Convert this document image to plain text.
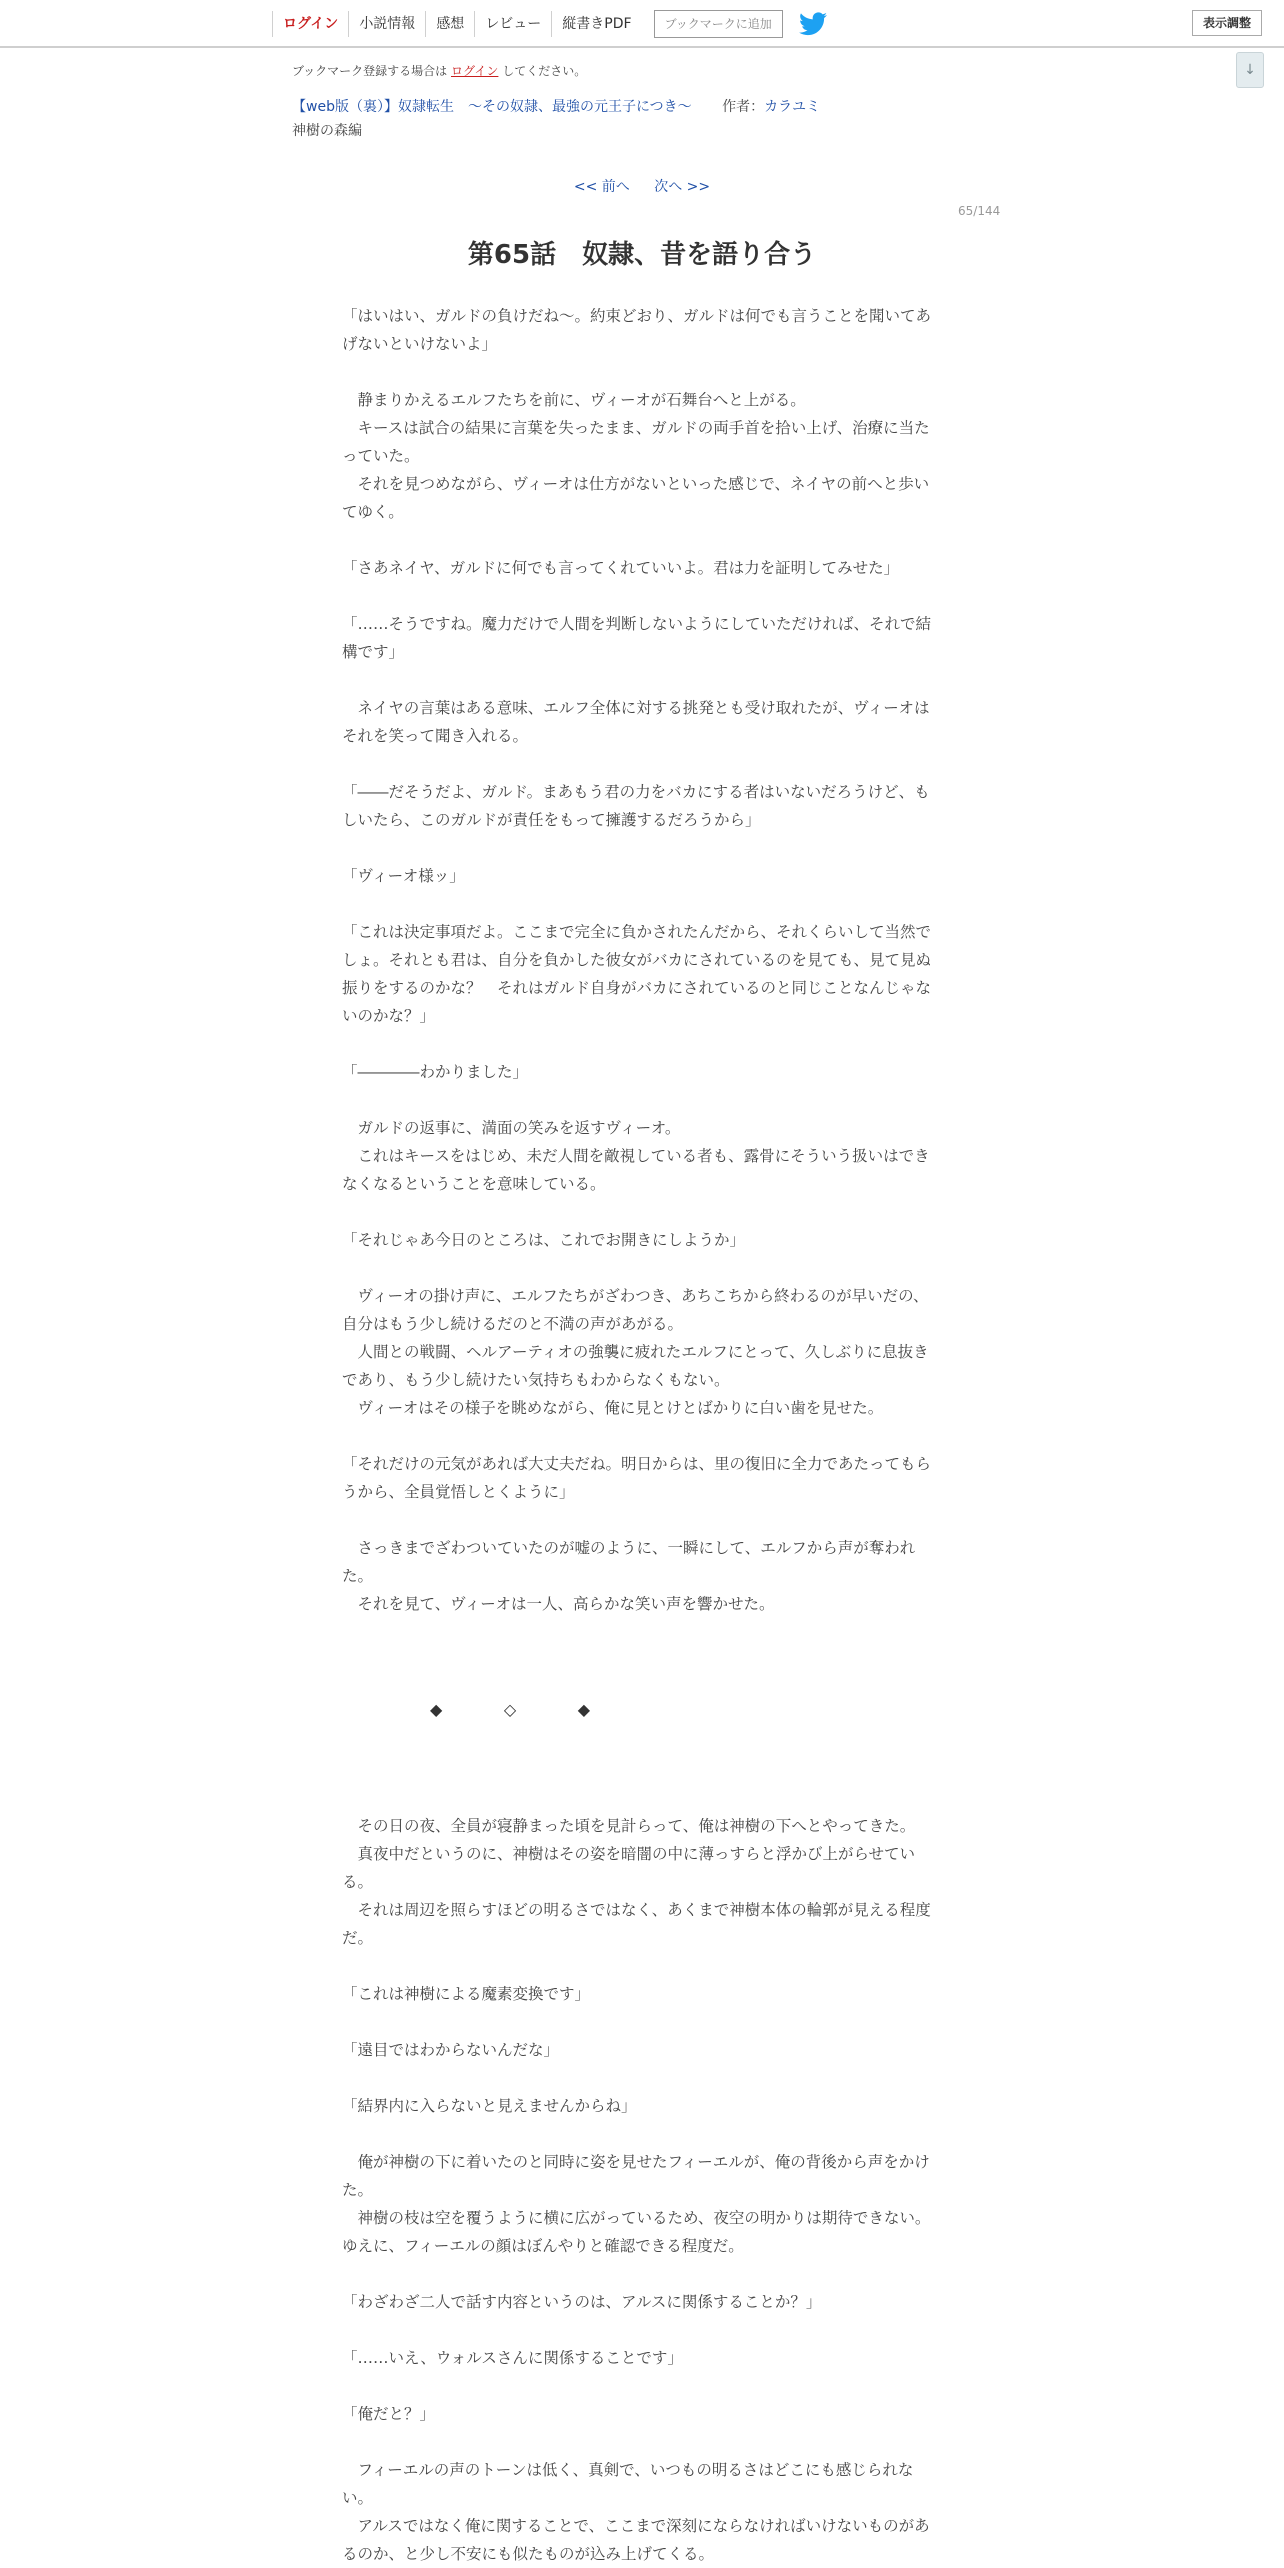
ログイン	小説情報	感想	レビュー	縦書きPDF	ブックマークに追加	表示調整
↓
ブックマーク登録する場合は ログイン してください。
【web版（裏）】奴隷転生　～その奴隷、最強の元王子につき～ 作者：カラユミ
神樹の森編
<< 前へ 次へ >>
65/144
第65話　奴隷、昔を語り合う

「はいはい、ガルドの負けだね～。約束どおり、ガルドは何でも言うことを聞いてあげないといけないよ」

　静まりかえるエルフたちを前に、ヴィーオが石舞台へと上がる。

　キースは試合の結果に言葉を失ったまま、ガルドの両手首を拾い上げ、治療に当たっていた。

　それを見つめながら、ヴィーオは仕方がないといった感じで、ネイヤの前へと歩いてゆく。

「さあネイヤ、ガルドに何でも言ってくれていいよ。君は力を証明してみせた」

「……そうですね。魔力だけで人間を判断しないようにしていただければ、それで結構です」

　ネイヤの言葉はある意味、エルフ全体に対する挑発とも受け取れたが、ヴィーオはそれを笑って聞き入れる。

「――だそうだよ、ガルド。まあもう君の力をバカにする者はいないだろうけど、もしいたら、このガルドが責任をもって擁護するだろうから」

「ヴィーオ様ッ」

「これは決定事項だよ。ここまで完全に負かされたんだから、それくらいして当然でしょ。それとも君は、自分を負かした彼女がバカにされているのを見ても、見て見ぬ振りをするのかな？　それはガルド自身がバカにされているのと同じことなんじゃないのかな？」

「――――わかりました」

　ガルドの返事に、満面の笑みを返すヴィーオ。

　これはキースをはじめ、未だ人間を敵視している者も、露骨にそういう扱いはできなくなるということを意味している。

「それじゃあ今日のところは、これでお開きにしようか」

　ヴィーオの掛け声に、エルフたちがざわつき、あちこちから終わるのが早いだの、自分はもう少し続けるだのと不満の声があがる。

　人間との戦闘、ヘルアーティオの強襲に疲れたエルフにとって、久しぶりに息抜きであり、もう少し続けたい気持ちもわからなくもない。

　ヴィーオはその様子を眺めながら、俺に見とけとばかりに白い歯を見せた。

「それだけの元気があれば大丈夫だね。明日からは、里の復旧に全力であたってもらうから、全員覚悟しとくように」

　さっきまでざわついていたのが嘘のように、一瞬にして、エルフから声が奪われた。

　それを見て、ヴィーオは一人、高らかな笑い声を響かせた。

◆	◇	◆

　その日の夜、全員が寝静まった頃を見計らって、俺は神樹の下へとやってきた。

　真夜中だというのに、神樹はその姿を暗闇の中に薄っすらと浮かび上がらせている。

　それは周辺を照らすほどの明るさではなく、あくまで神樹本体の輪郭が見える程度だ。

「これは神樹による魔素変換です」

「遠目ではわからないんだな」

「結界内に入らないと見えませんからね」

　俺が神樹の下に着いたのと同時に姿を見せたフィーエルが、俺の背後から声をかけた。

　神樹の枝は空を覆うように横に広がっているため、夜空の明かりは期待できない。ゆえに、フィーエルの顔はぼんやりと確認できる程度だ。

「わざわざ二人で話す内容というのは、アルスに関係することか？」

「……いえ、ウォルスさんに関係することです」

「俺だと？」

　フィーエルの声のトーンは低く、真剣で、いつもの明るさはどこにも感じられない。

　アルスではなく俺に関することで、ここまで深刻にならなければいけないものがあるのか、と少し不安にも似たものが込み上げてくる。
